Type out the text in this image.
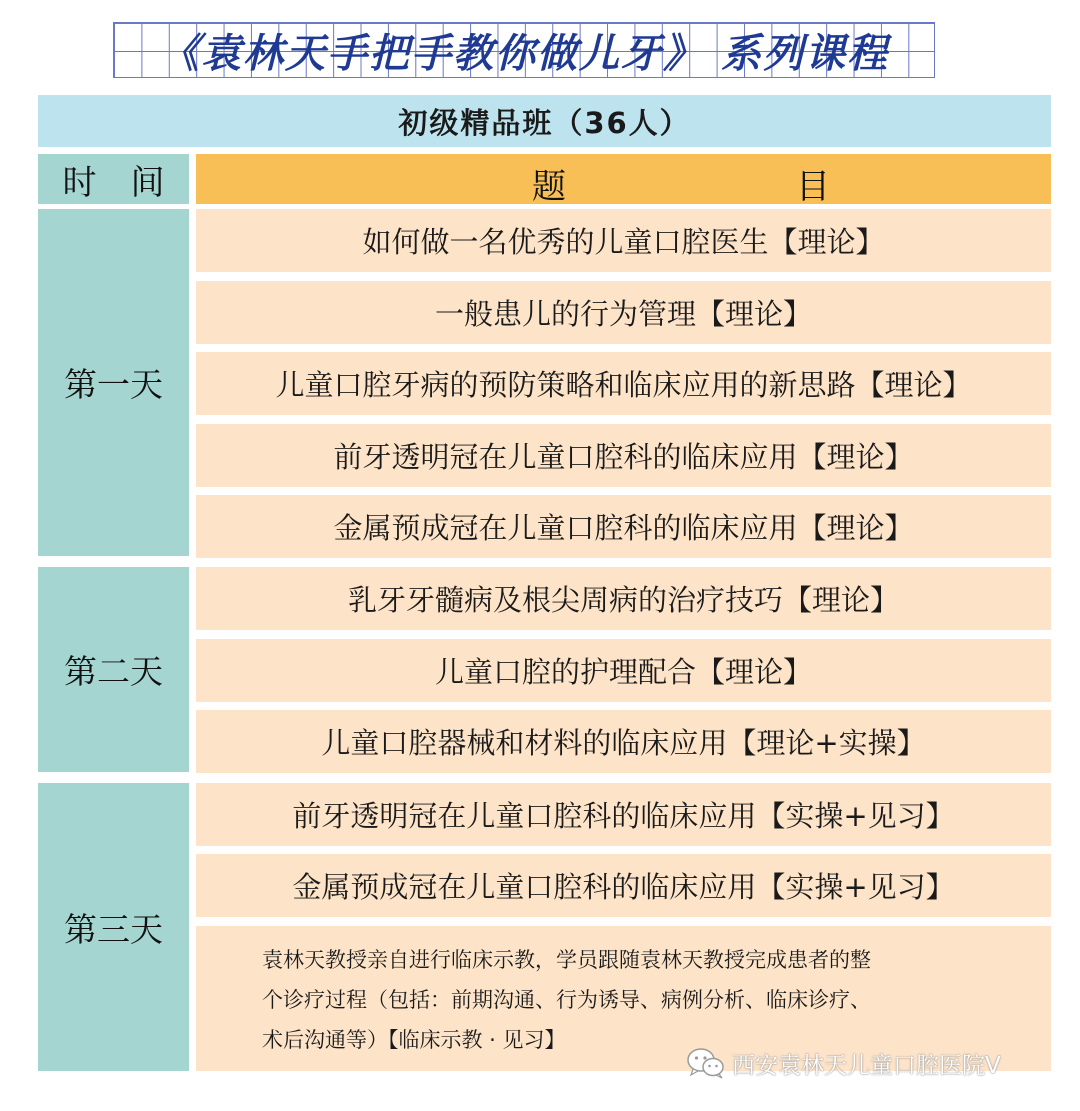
《袁林天手把手教你做儿牙》 系列课程
初级精品班（36人）
时 间	题	目
第一天
如何做一名优秀的儿童口腔医生【理论】
一般患儿的行为管理【理论】
儿童口腔牙病的预防策略和临床应用的新思路【理论】
前牙透明冠在儿童口腔科的临床应用【理论】
金属预成冠在儿童口腔科的临床应用【理论】
第二天
乳牙牙髓病及根尖周病的治疗技巧【理论】
儿童口腔的护理配合【理论】
儿童口腔器械和材料的临床应用【理论+实操】
第三天
前牙透明冠在儿童口腔科的临床应用【实操+见习】
金属预成冠在儿童口腔科的临床应用【实操+见习】
袁林天教授亲自进行临床示教，学员跟随袁林天教授完成患者的整
个诊疗过程（包括：前期沟通、行为诱导、病例分析、临床诊疗、
术后沟通等）【临床示教 · 见习】
西安袁林天儿童口腔医院V
